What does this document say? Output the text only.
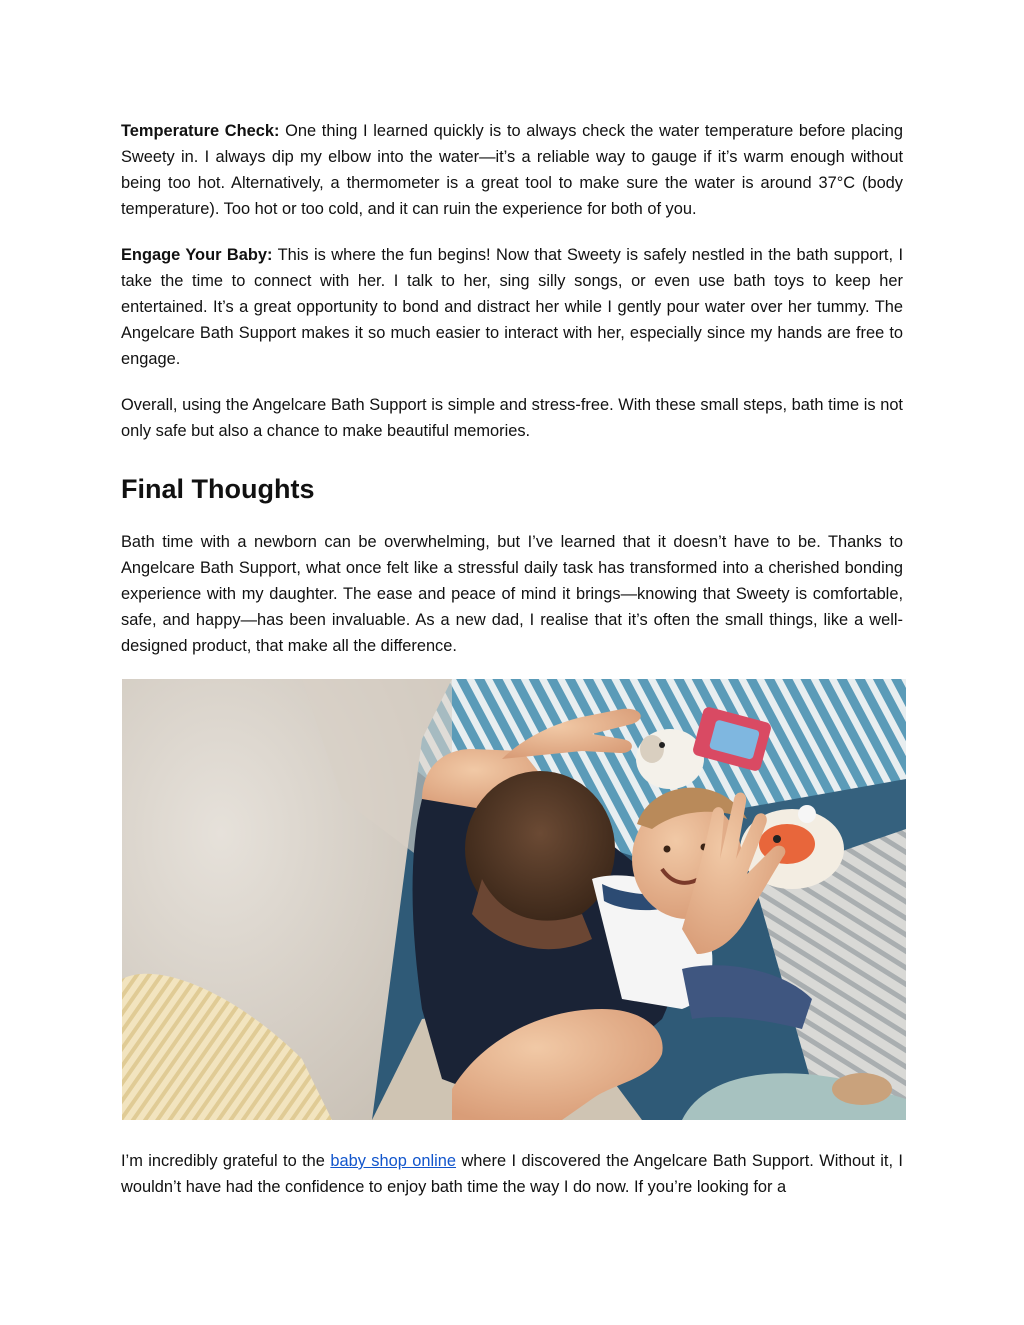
Temperature Check: One thing I learned quickly is to always check the water temperature before placing Sweety in. I always dip my elbow into the water—it’s a reliable way to gauge if it’s warm enough without being too hot. Alternatively, a thermometer is a great tool to make sure the water is around 37°C (body temperature). Too hot or too cold, and it can ruin the experience for both of you.

Engage Your Baby: This is where the fun begins! Now that Sweety is safely nestled in the bath support, I take the time to connect with her. I talk to her, sing silly songs, or even use bath toys to keep her entertained. It’s a great opportunity to bond and distract her while I gently pour water over her tummy. The Angelcare Bath Support makes it so much easier to interact with her, especially since my hands are free to engage.

Overall, using the Angelcare Bath Support is simple and stress-free. With these small steps, bath time is not only safe but also a chance to make beautiful memories.

Final Thoughts

Bath time with a newborn can be overwhelming, but I’ve learned that it doesn’t have to be. Thanks to Angelcare Bath Support, what once felt like a stressful daily task has transformed into a cherished bonding experience with my daughter. The ease and peace of mind it brings—knowing that Sweety is comfortable, safe, and happy—has been invaluable. As a new dad, I realise that it’s often the small things, like a well-designed product, that make all the difference.

I’m incredibly grateful to the baby shop online where I discovered the Angelcare Bath Support. Without it, I wouldn’t have had the confidence to enjoy bath time the way I do now. If you’re looking for a
